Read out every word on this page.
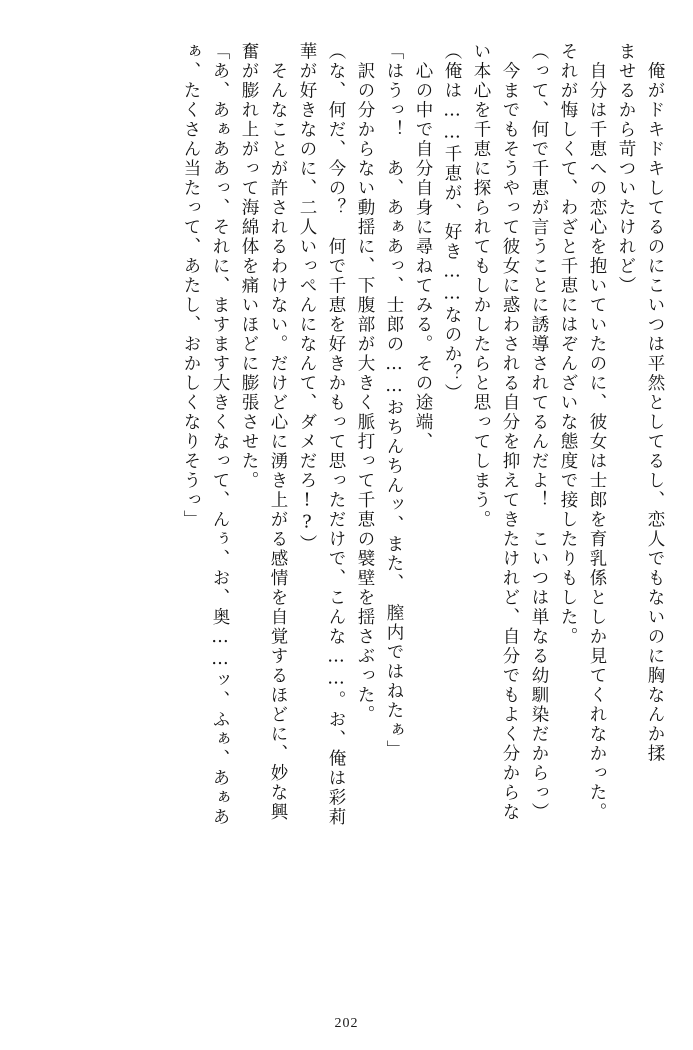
　俺がドキドキしてるのにこいつは平然としてるし、恋人でもないのに胸なんか揉
ませるから苛ついたけれど）
　自分は千恵への恋心を抱いていたのに、彼女は士郎を育乳係としか見てくれなかった。
それが悔しくて、わざと千恵にはぞんざいな態度で接したりもした。
（って、何で千恵が言うことに誘導されてるんだよ！　こいつは単なる幼馴染だからっ）
　今までもそうやって彼女に惑わされる自分を抑えてきたけれど、自分でもよく分からな
い本心を千恵に探られてもしかしたらと思ってしまう。
（俺は……千恵が、好き……なのか？）
　心の中で自分自身に尋ねてみる。その途端、
「はうっ！　あ、あぁあっ、士郎の……おちんちんッ、また、　膣内ではねたぁ」
　訳の分からない動揺に、下腹部が大きく脈打って千恵の襞壁を揺さぶった。
（な、何だ、今の？　何で千恵を好きかもって思っただけで、こんな……。お、俺は彩莉
華が好きなのに、二人いっぺんになんて、ダメだろ!?）
　そんなことが許されるわけない。だけど心に湧き上がる感情を自覚するほどに、妙な興
奮が膨れ上がって海綿体を痛いほどに膨張させた。
「あ、あぁああっ、それに、ますます大きくなって、んぅ、お、奥……ッ、ふぁ、あぁあ
ぁ、たくさん当たって、あたし、おかしくなりそうっ」
202
